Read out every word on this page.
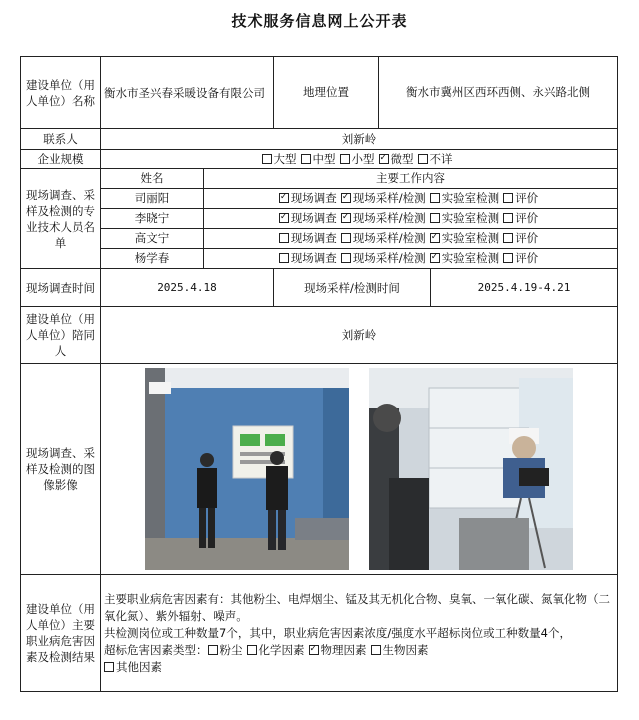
技术服务信息网上公开表
建设单位（用人单位）名称	衡水市圣兴春采暖设备有限公司		地理位置	衡水市冀州区西环西侧、永兴路北侧	
联系人	刘新岭				
企业规模	大型 中型 小型 ✓ 微型 不详
现场调查、采样及检测的专业技术人员名单	姓名	主要工作内容			
	司丽阳	✓现场调查 ✓ 现场采样/检测 实验室检测 评价
	李晓宁	✓现场调查 ✓ 现场采样/检测 实验室检测 评价
	高文宁	现场调查 现场采样/检测 ✓ 实验室检测 评价
	杨学春	现场调查 现场采样/检测 ✓ 实验室检测 评价
现场调查时间	2025.4.18		现场采样/检测时间		2025.4.19-4.21
建设单位（用人单位）陪同人	刘新岭				
现场调查、采样及检测的图像影像	
建设单位（用人单位）主要职业病危害因素及检测结果	主要职业病危害因素有：其他粉尘、电焊烟尘、锰及其无机化合物、臭氧、一氧化碳、氮氧化物（二氧化氮）、紫外辐射、噪声。

共检测岗位或工种数量7个，其中，职业病危害因素浓度/强度水平超标岗位或工种数量4个，

超标危害因素类型： 粉尘 化学因素 ✓ 物理因素 生物因素

其他因素
